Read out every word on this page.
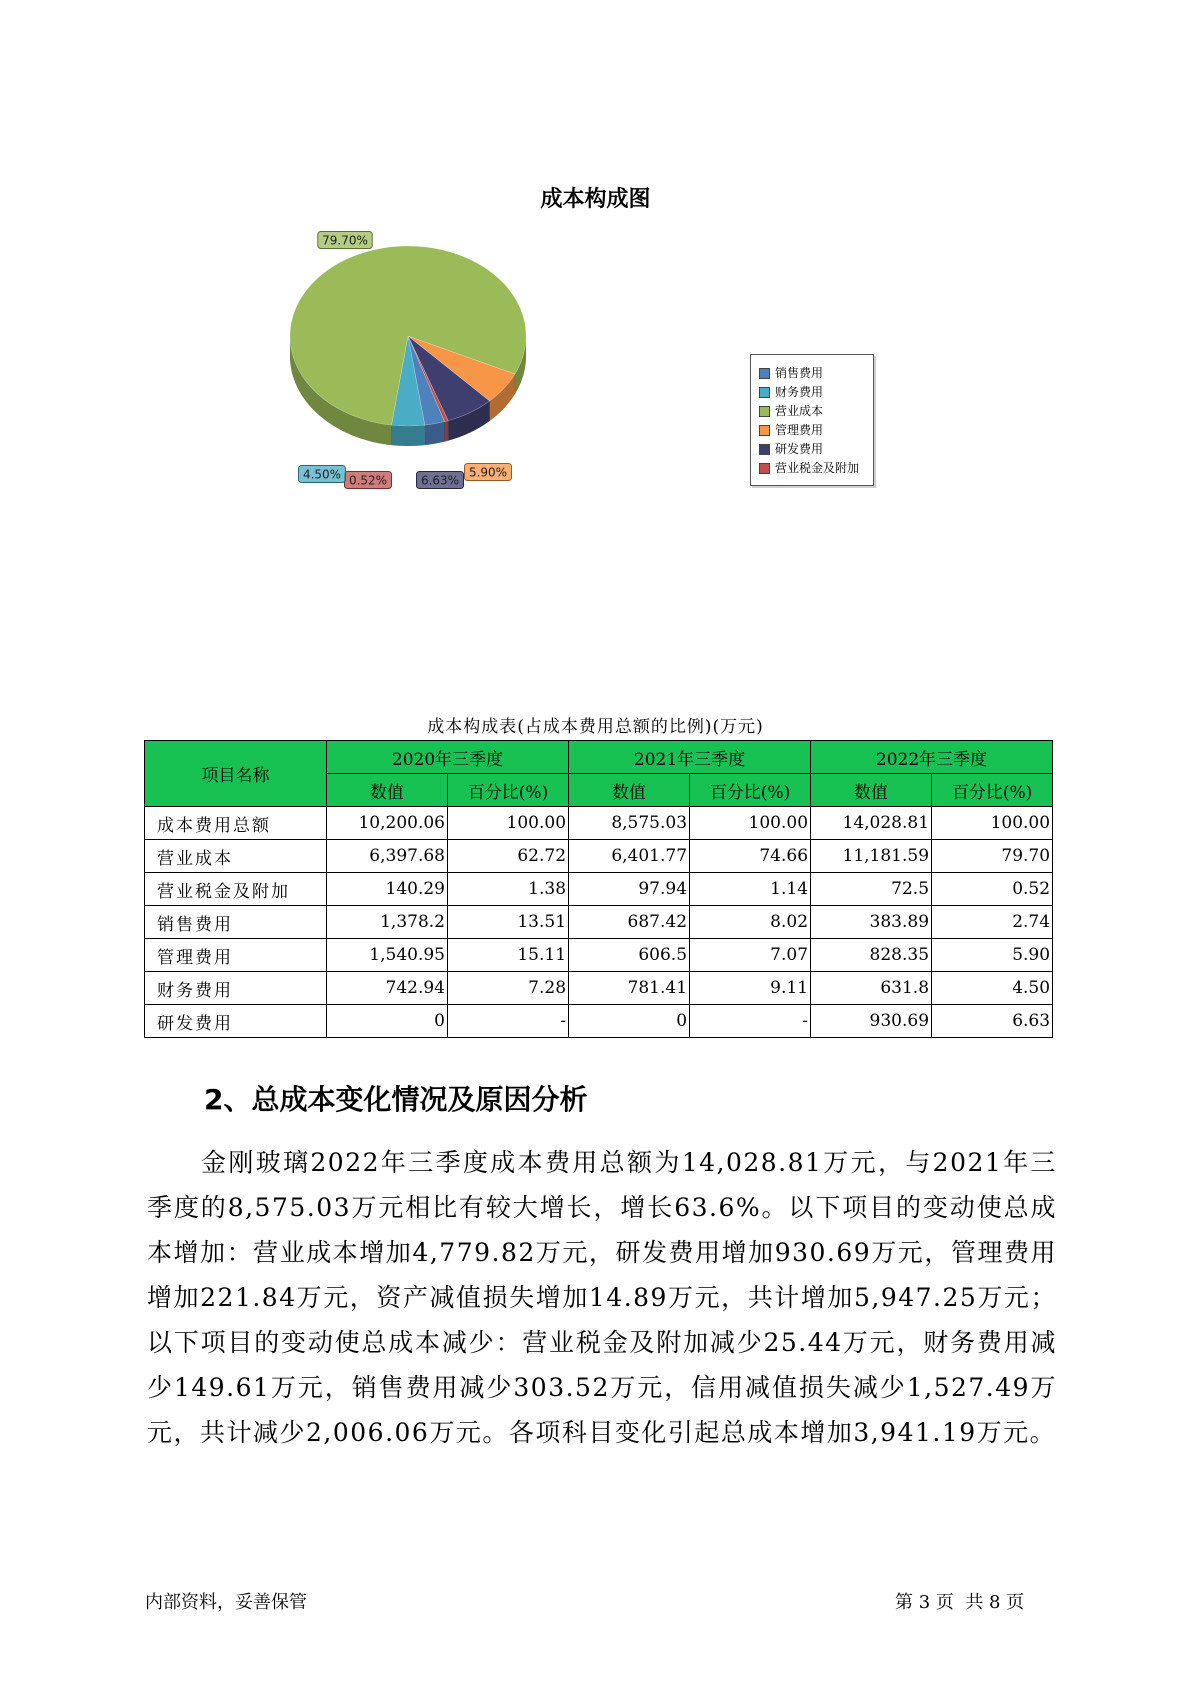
成本构成图
5.90%
6.63%
0.52%
4.50%
79.70%
销售费用
财务费用
营业成本
管理费用
研发费用
营业税金及附加
成本构成表(占成本费用总额的比例)(万元)
项目名称	2020年三季度		2021年三季度		2022年三季度	
	数值	百分比(%)	数值	百分比(%)	数值	百分比(%)
成本费用总额	10,200.06	100.00	8,575.03	100.00	14,028.81	100.00
营业成本	6,397.68	62.72	6,401.77	74.66	11,181.59	79.70
营业税金及附加	140.29	1.38	97.94	1.14	72.5	0.52
销售费用	1,378.2	13.51	687.42	8.02	383.89	2.74
管理费用	1,540.95	15.11	606.5	7.07	828.35	5.90
财务费用	742.94	7.28	781.41	9.11	631.8	4.50
研发费用	0	-	0	-	930.69	6.63
2、总成本变化情况及原因分析

金刚玻璃2022年三季度成本费用总额为14,028.81万元，与2021年三季度的8,575.03万元相比有较大增长，增长63.6%。以下项目的变动使总成本增加：营业成本增加4,779.82万元，研发费用增加930.69万元，管理费用增加221.84万元，资产减值损失增加14.89万元，共计增加5,947.25万元；以下项目的变动使总成本减少：营业税金及附加减少25.44万元，财务费用减少149.61万元，销售费用减少303.52万元，信用减值损失减少1,527.49万元，共计减少2,006.06万元。各项科目变化引起总成本增加3,941.19万元。

内部资料，妥善保管	第 3 页  共 8 页
